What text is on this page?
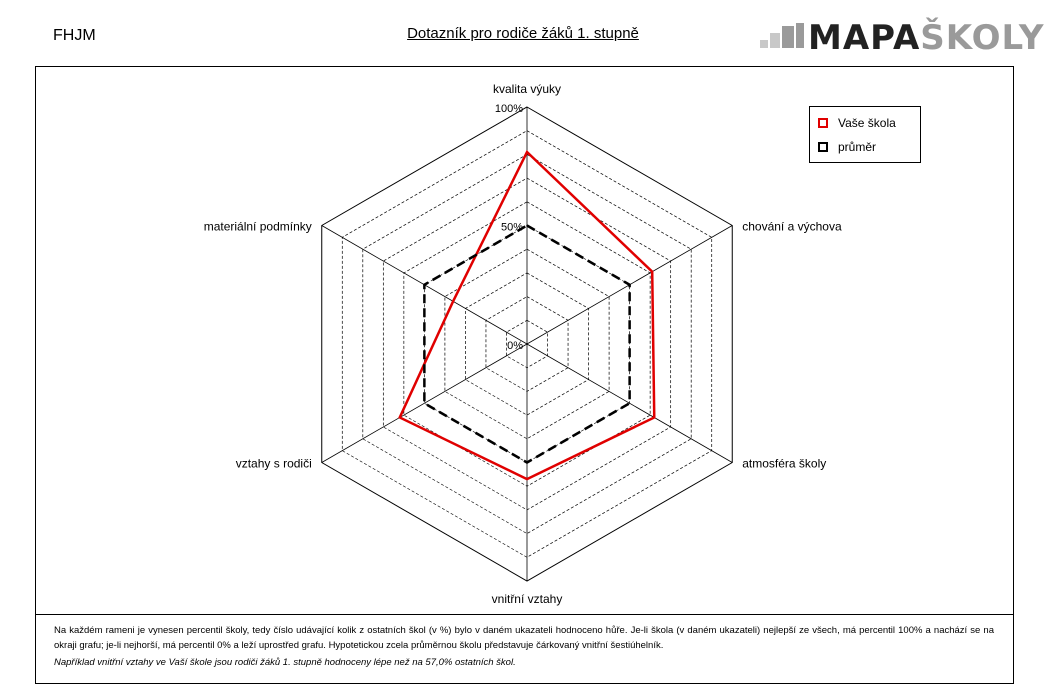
FHJM	Dotazník pro rodiče žáků 1. stupně	MAPAŠKOLY
100%
50%
0%
kvalita výuky
chování a výchova
atmosféra školy
vnitřní vztahy
vztahy s rodiči
materiální podmínky
Vaše škola
průměr

Na každém rameni je vynesen percentil školy, tedy číslo udávající kolik z ostatních škol (v %) bylo v daném ukazateli hodnoceno hůře. Je-li škola (v daném ukazateli) nejlepší ze všech, má percentil 100% a nachází se na okraji grafu; je-li nejhorší, má percentil 0% a leží uprostřed grafu. Hypotetickou zcela průměrnou školu představuje čárkovaný vnitřní šestiúhelník.

Například vnitřní vztahy ve Vaší škole jsou rodiči žáků 1. stupně hodnoceny lépe než na 57,0% ostatních škol.
